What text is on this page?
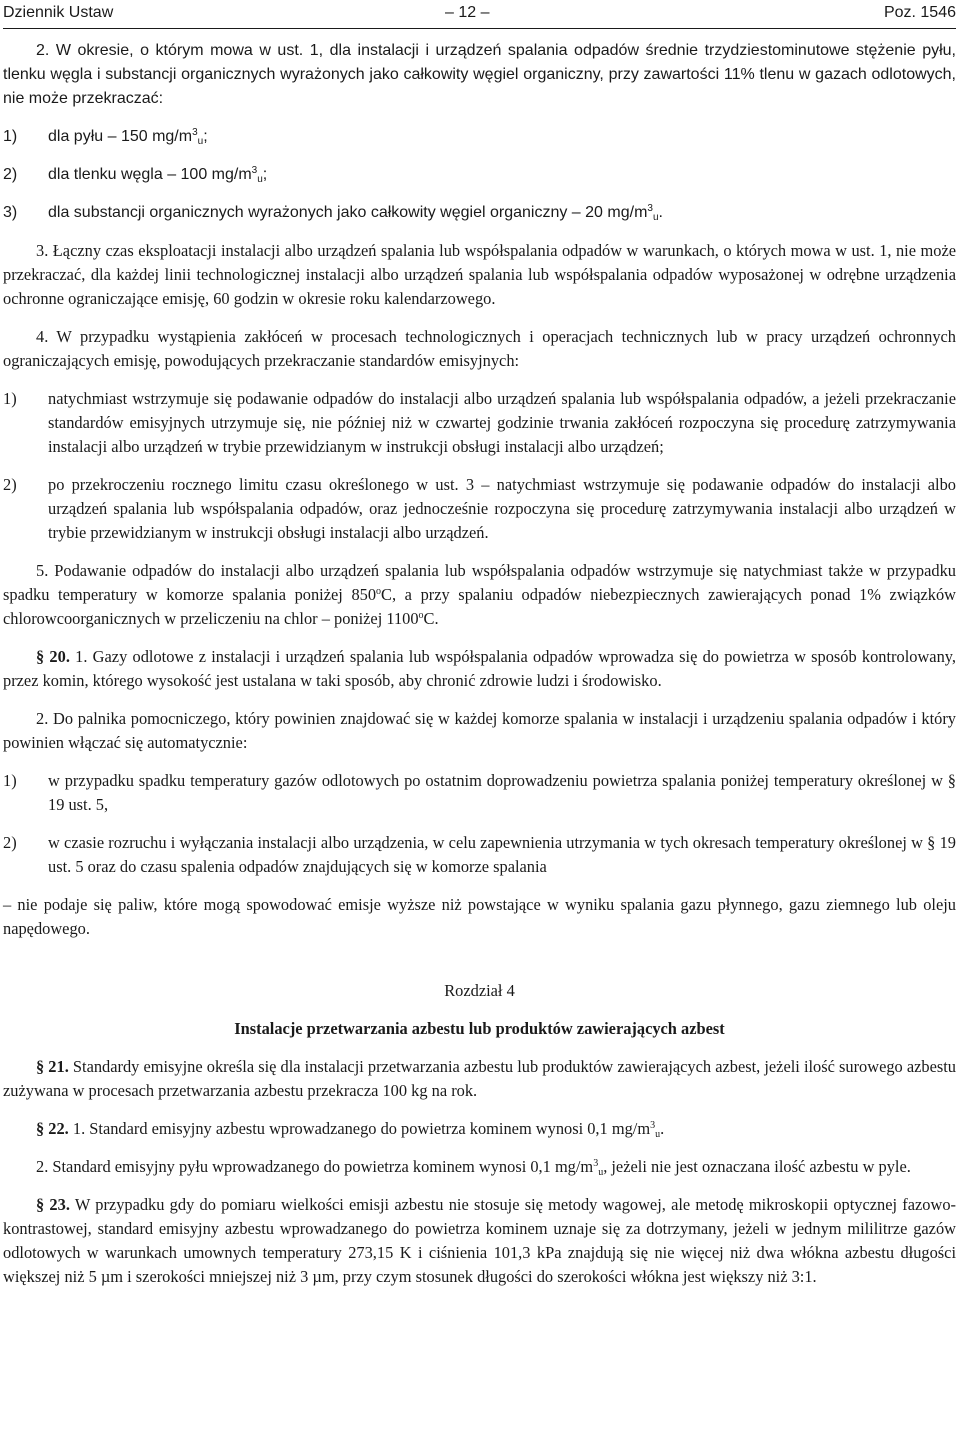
Dziennik Ustaw	– 12 –	Poz. 1546

2. W okresie, o którym mowa w ust. 1, dla instalacji i urządzeń spalania odpadów średnie trzydziestominutowe stężenie pyłu, tlenku węgla i substancji organicznych wyrażonych jako całkowity węgiel organiczny, przy zawartości 11% tlenu w gazach odlotowych, nie może przekraczać:

1) dla pyłu – 150 $mg/m^3_u$;
2) dla tlenku węgla – 100 $mg/m^3_u$;
3) dla substancji organicznych wyrażonych jako całkowity węgiel organiczny – 20 $mg/m^3_u$.

3. Łączny czas eksploatacji instalacji albo urządzeń spalania lub współspalania odpadów w warunkach, o których mowa w ust. 1, nie może przekraczać, dla każdej linii technologicznej instalacji albo urządzeń spalania lub współspalania odpadów wyposażonej w odrębne urządzenia ochronne ograniczające emisję, 60 godzin w okresie roku kalendarzowego.

4. W przypadku wystąpienia zakłóceń w procesach technologicznych i operacjach technicznych lub w pracy urządzeń ochronnych ograniczających emisję, powodujących przekraczanie standardów emisyjnych:

1) natychmiast wstrzymuje się podawanie odpadów do instalacji albo urządzeń spalania lub współspalania odpadów, a jeżeli przekraczanie standardów emisyjnych utrzymuje się, nie później niż w czwartej godzinie trwania zakłóceń rozpoczyna się procedurę zatrzymywania instalacji albo urządzeń w trybie przewidzianym w instrukcji obsługi instalacji albo urządzeń;
2) po przekroczeniu rocznego limitu czasu określonego w ust. 3 – natychmiast wstrzymuje się podawanie odpadów do instalacji albo urządzeń spalania lub współspalania odpadów, oraz jednocześnie rozpoczyna się procedurę zatrzymywania instalacji albo urządzeń w trybie przewidzianym w instrukcji obsługi instalacji albo urządzeń.

5. Podawanie odpadów do instalacji albo urządzeń spalania lub współspalania odpadów wstrzymuje się natychmiast także w przypadku spadku temperatury w komorze spalania poniżej 850$^o$C, a przy spalaniu odpadów niebezpiecznych zawierających ponad 1% związków chlorowcoorganicznych w przeliczeniu na chlor – poniżej 1100$^o$C.

§ 20. 1. Gazy odlotowe z instalacji i urządzeń spalania lub współspalania odpadów wprowadza się do powietrza w sposób kontrolowany, przez komin, którego wysokość jest ustalana w taki sposób, aby chronić zdrowie ludzi i środowisko.

2. Do palnika pomocniczego, który powinien znajdować się w każdej komorze spalania w instalacji i urządzeniu spalania odpadów i który powinien włączać się automatycznie:

1) w przypadku spadku temperatury gazów odlotowych po ostatnim doprowadzeniu powietrza spalania poniżej temperatury określonej w § 19 ust. 5,
2) w czasie rozruchu i wyłączania instalacji albo urządzenia, w celu zapewnienia utrzymania w tych okresach temperatury określonej w § 19 ust. 5 oraz do czasu spalenia odpadów znajdujących się w komorze spalania

– nie podaje się paliw, które mogą spowodować emisje wyższe niż powstające w wyniku spalania gazu płynnego, gazu ziemnego lub oleju napędowego.

Rozdział 4

Instalacje przetwarzania azbestu lub produktów zawierających azbest

§ 21. Standardy emisyjne określa się dla instalacji przetwarzania azbestu lub produktów zawierających azbest, jeżeli ilość surowego azbestu zużywana w procesach przetwarzania azbestu przekracza 100 kg na rok.

§ 22. 1. Standard emisyjny azbestu wprowadzanego do powietrza kominem wynosi 0,1 $mg/m^3_u$.

2. Standard emisyjny pyłu wprowadzanego do powietrza kominem wynosi 0,1 $mg/m^3_u$, jeżeli nie jest oznaczana ilość azbestu w pyle.

§ 23. W przypadku gdy do pomiaru wielkości emisji azbestu nie stosuje się metody wagowej, ale metodę mikroskopii optycznej fazowo-kontrastowej, standard emisyjny azbestu wprowadzanego do powietrza kominem uznaje się za dotrzymany, jeżeli w jednym mililitrze gazów odlotowych w warunkach umownych temperatury 273,15 K i ciśnienia 101,3 kPa znajdują się nie więcej niż dwa włókna azbestu długości większej niż 5 µm i szerokości mniejszej niż 3 µm, przy czym stosunek długości do szerokości włókna jest większy niż 3:1.
